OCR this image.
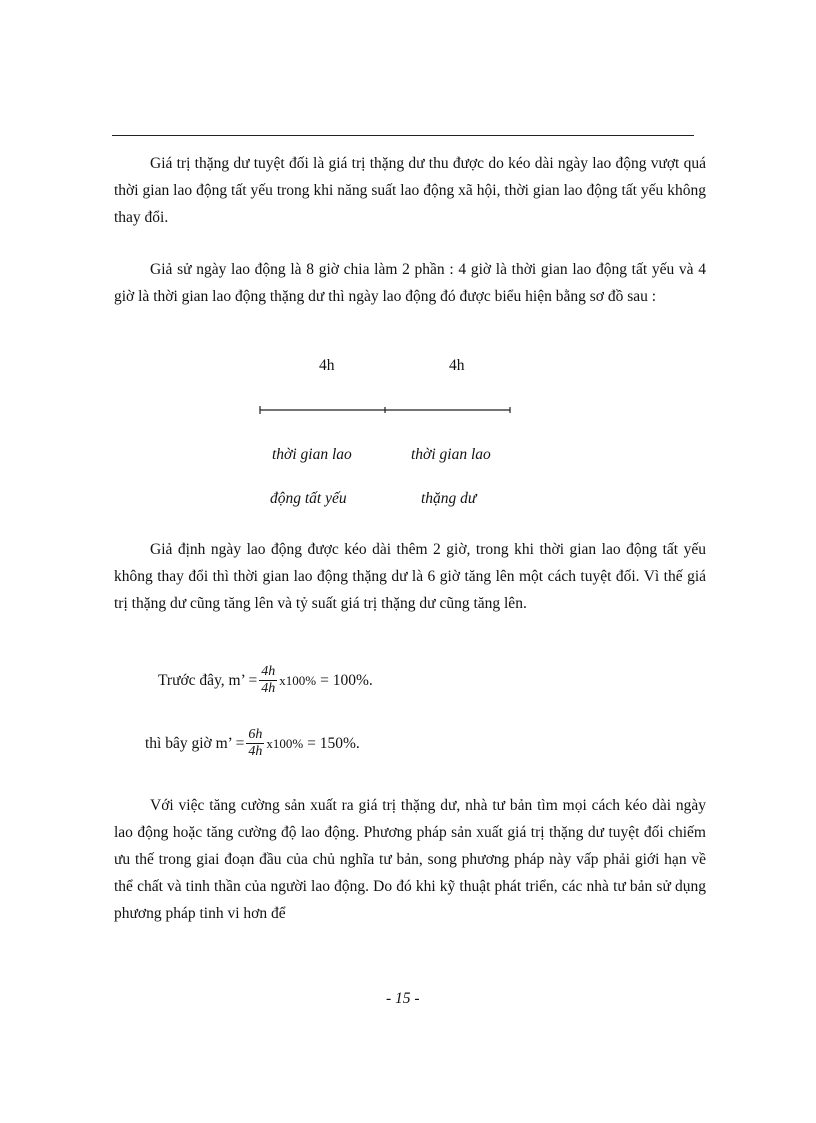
Giá trị thặng dư tuyệt đối là giá trị thặng dư thu được do kéo dài ngày lao động vượt quá thời gian lao động tất yếu trong khi năng suất lao động xã hội, thời gian lao động tất yếu không thay đổi.

Giả sử ngày lao động là 8 giờ chia làm 2 phần : 4 giờ là thời gian lao động tất yếu và 4 giờ là thời gian lao động thặng dư thì ngày lao động đó được biểu hiện bằng sơ đồ sau :

4h	4h
thời gian lao	thời gian lao
động tất yếu	thặng dư

Giả định ngày lao động được kéo dài thêm 2 giờ, trong khi thời gian lao động tất yếu không thay đổi thì thời gian lao động thặng dư là 6 giờ tăng lên một cách tuyệt đối. Vì thế giá trị thặng dư cũng tăng lên và tỷ suất giá trị thặng dư cũng tăng lên.

Trước đây, m’ = $\frac{4h}{4h} x100\% = 100\%$.
thì bây giờ m’ = $\frac{6h}{4h} x100\% = 150\%$.

Với việc tăng cường sản xuất ra giá trị thặng dư, nhà tư bản tìm mọi cách kéo dài ngày lao động hoặc tăng cường độ lao động. Phương pháp sản xuất giá trị thặng dư tuyệt đối chiếm ưu thế trong giai đoạn đầu của chủ nghĩa tư bản, song phương pháp này vấp phải giới hạn về thể chất và tinh thần của người lao động. Do đó khi kỹ thuật phát triển, các nhà tư bản sử dụng phương pháp tinh vi hơn để

- 15 -
